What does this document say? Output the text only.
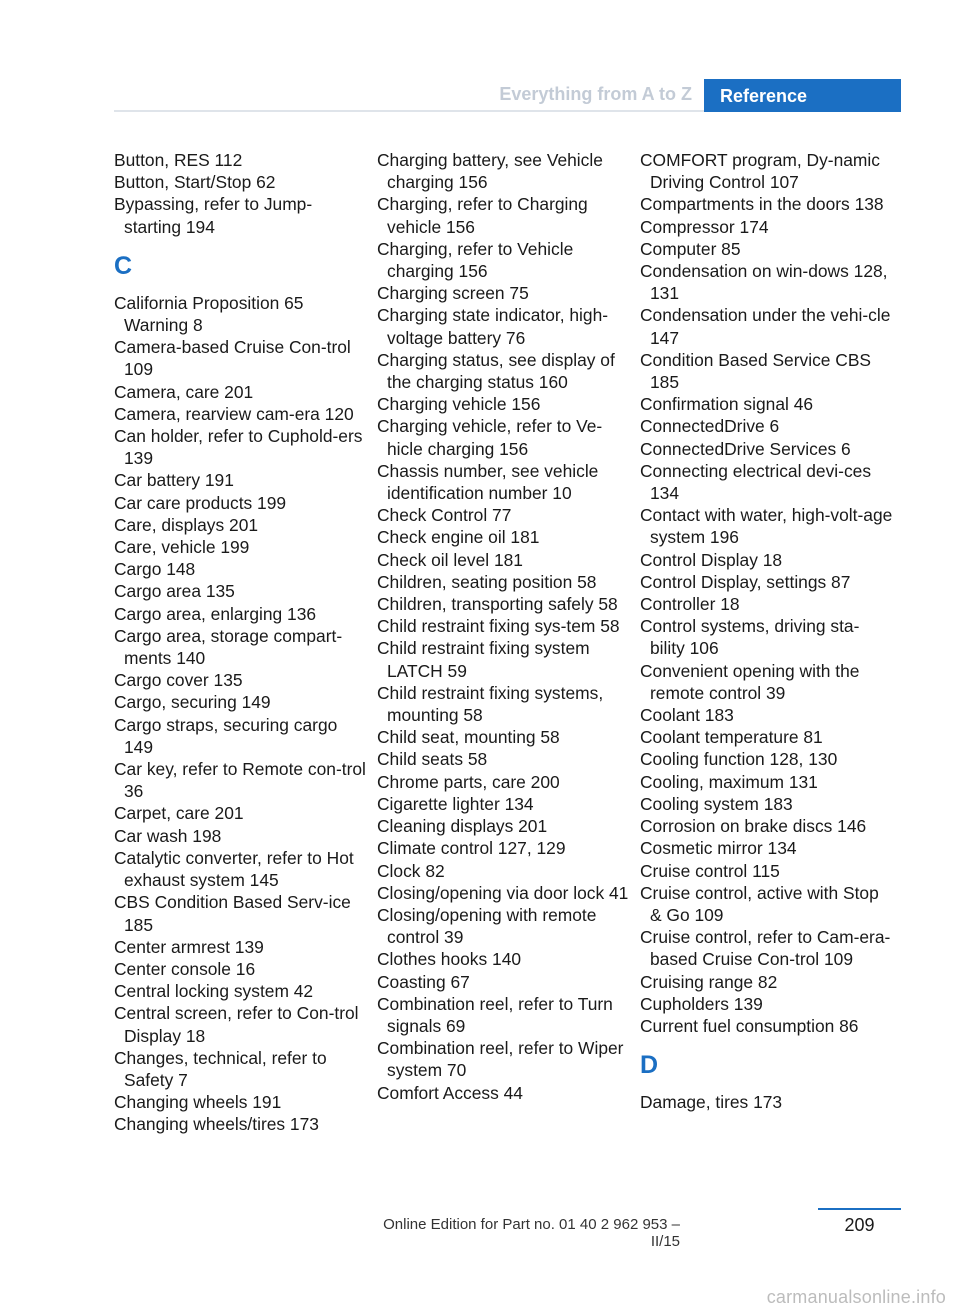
Everything from A to Z	Reference
Button, RES 112
Button, Start/Stop 62
Bypassing, refer to Jump-starting 194
C
California Proposition 65 Warning 8
Camera-based Cruise Con-trol 109
Camera, care 201
Camera, rearview cam-era 120
Can holder, refer to Cuphold-ers 139
Car battery 191
Car care products 199
Care, displays 201
Care, vehicle 199
Cargo 148
Cargo area 135
Cargo area, enlarging 136
Cargo area, storage compart-ments 140
Cargo cover 135
Cargo, securing 149
Cargo straps, securing cargo 149
Car key, refer to Remote con-trol 36
Carpet, care 201
Car wash 198
Catalytic converter, refer to Hot exhaust system 145
CBS Condition Based Serv-ice 185
Center armrest 139
Center console 16
Central locking system 42
Central screen, refer to Con-trol Display 18
Changes, technical, refer to Safety 7
Changing wheels 191
Changing wheels/tires 173
Charging battery, see Vehicle charging 156
Charging, refer to Charging vehicle 156
Charging, refer to Vehicle charging 156
Charging screen 75
Charging state indicator, high-voltage battery 76
Charging status, see display of the charging status 160
Charging vehicle 156
Charging vehicle, refer to Ve-hicle charging 156
Chassis number, see vehicle identification number 10
Check Control 77
Check engine oil 181
Check oil level 181
Children, seating position 58
Children, transporting safely 58
Child restraint fixing sys-tem 58
Child restraint fixing system LATCH 59
Child restraint fixing systems, mounting 58
Child seat, mounting 58
Child seats 58
Chrome parts, care 200
Cigarette lighter 134
Cleaning displays 201
Climate control 127, 129
Clock 82
Closing/opening via door lock 41
Closing/opening with remote control 39
Clothes hooks 140
Coasting 67
Combination reel, refer to Turn signals 69
Combination reel, refer to Wiper system 70
Comfort Access 44
COMFORT program, Dy-namic Driving Control 107
Compartments in the doors 138
Compressor 174
Computer 85
Condensation on win-dows 128, 131
Condensation under the vehi-cle 147
Condition Based Service CBS 185
Confirmation signal 46
ConnectedDrive 6
ConnectedDrive Services 6
Connecting electrical devi-ces 134
Contact with water, high-volt-age system 196
Control Display 18
Control Display, settings 87
Controller 18
Control systems, driving sta-bility 106
Convenient opening with the remote control 39
Coolant 183
Coolant temperature 81
Cooling function 128, 130
Cooling, maximum 131
Cooling system 183
Corrosion on brake discs 146
Cosmetic mirror 134
Cruise control 115
Cruise control, active with Stop & Go 109
Cruise control, refer to Cam-era-based Cruise Con-trol 109
Cruising range 82
Cupholders 139
Current fuel consumption 86
D
Damage, tires 173
Online Edition for Part no. 01 40 2 962 953 – II/15
209
carmanualsonline.info
